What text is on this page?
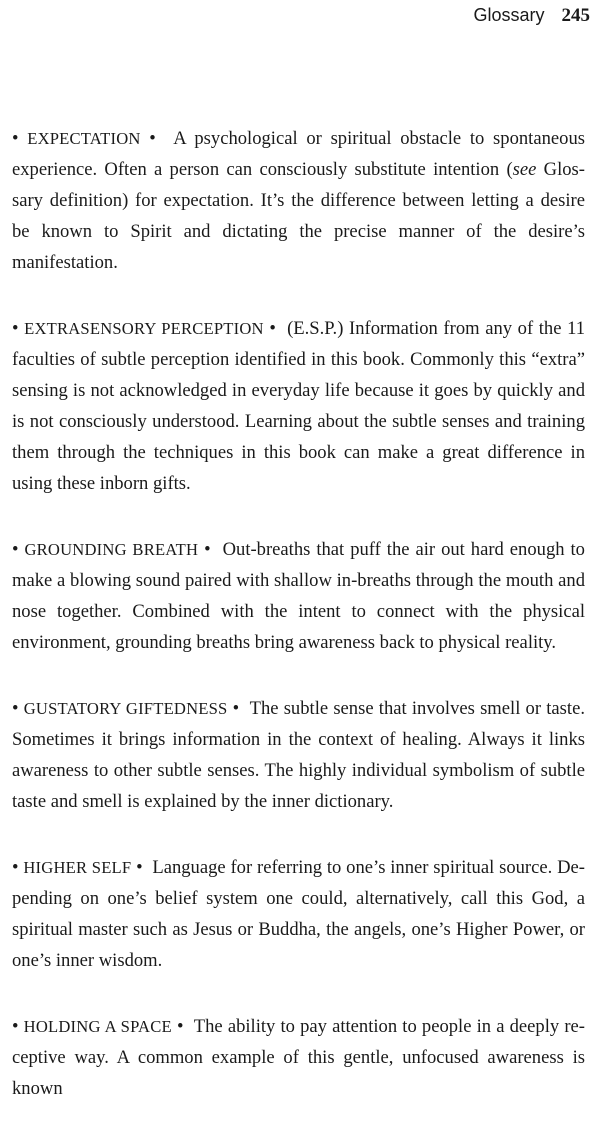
Glossary 245

• EXPECTATION •  A psychological or spiritual obstacle to spontaneous experience. Often a person can consciously substitute intention (see Glossary definition) for expectation. It’s the difference between letting a desire be known to Spirit and dictating the precise manner of the desire’s manifestation.

• EXTRASENSORY PERCEPTION •  (E.S.P.) Information from any of the 11 faculties of subtle perception identified in this book. Commonly this “extra” sensing is not acknowledged in everyday life because it goes by quickly and is not consciously understood. Learning about the subtle senses and training them through the techniques in this book can make a great difference in using these inborn gifts.

• GROUNDING BREATH •  Out-breaths that puff the air out hard enough to make a blowing sound paired with shallow in-breaths through the mouth and nose together. Combined with the intent to connect with the physical environment, grounding breaths bring awareness back to physical reality.

• GUSTATORY GIFTEDNESS •  The subtle sense that involves smell or taste. Sometimes it brings information in the context of healing. Always it links awareness to other subtle senses. The highly individual symbolism of subtle taste and smell is explained by the inner dictionary.

• HIGHER SELF •  Language for referring to one’s inner spiritual source. Depending on one’s belief system one could, alternatively, call this God, a spiritual master such as Jesus or Buddha, the angels, one’s Higher Power, or one’s inner wisdom.

• HOLDING A SPACE •  The ability to pay attention to people in a deeply receptive way. A common example of this gentle, unfocused awareness is known
